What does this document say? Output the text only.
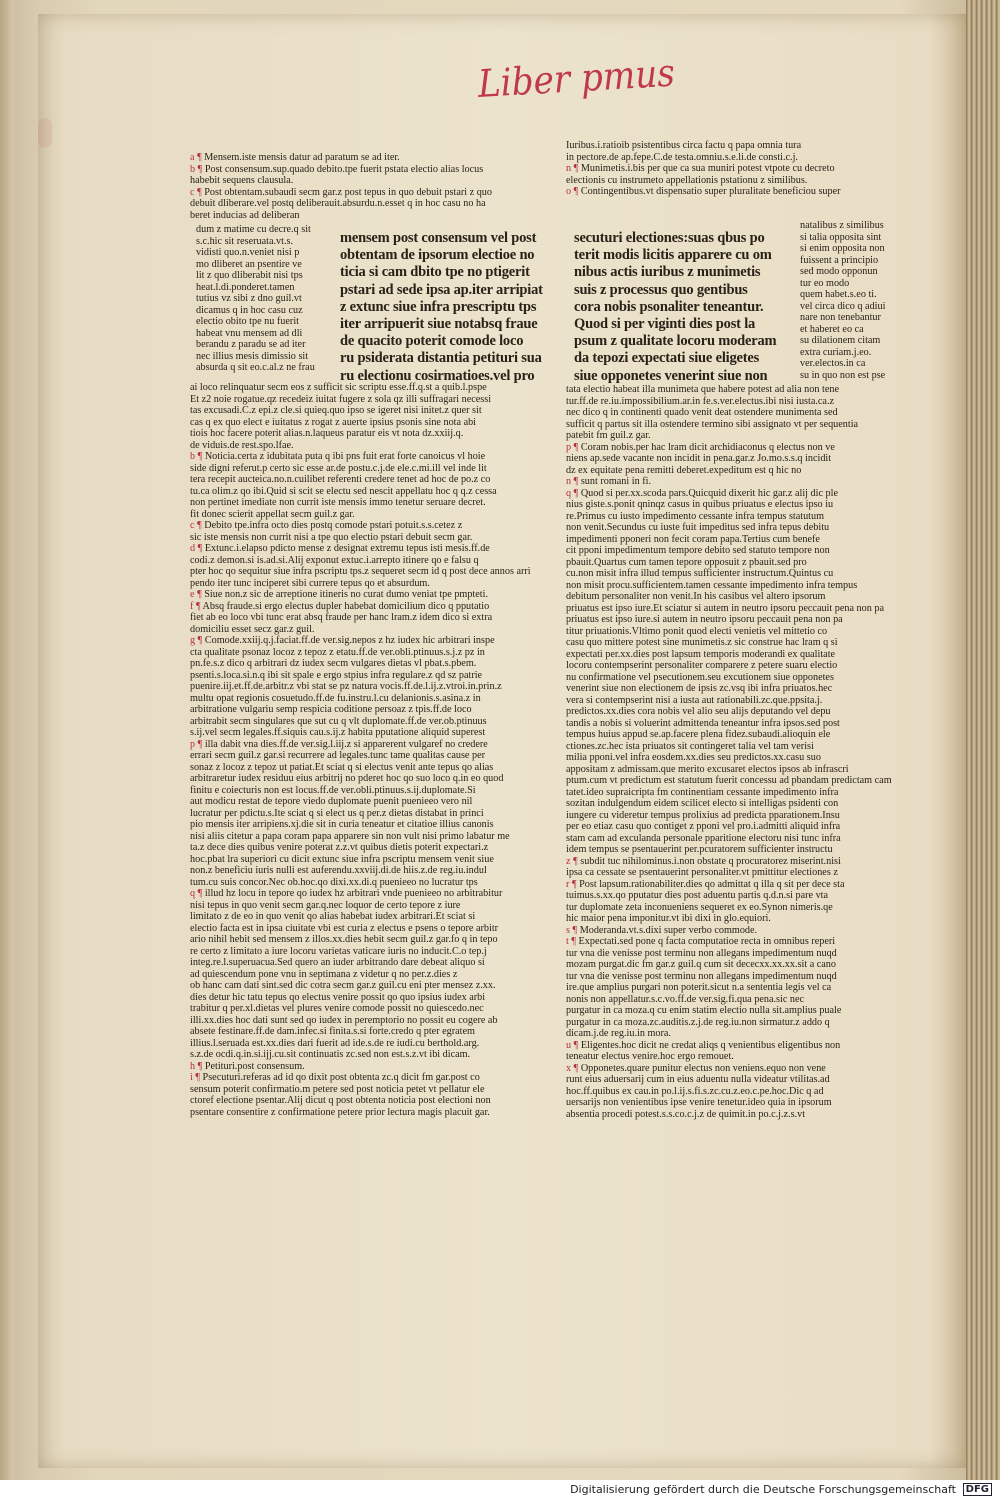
Liber pmus
a ¶ Mensem.iste mensis datur ad paratum se ad iter.
b ¶ Post consensum.sup.quado debito.tpe fuerit pstata electio alias locus
habebit sequens clausula.
c ¶ Post obtentam.subaudi secm gar.z post tepus in quo debuit pstari z quo
debuit dliberare.vel postq deliberauit.absurdu.n.esset q in hoc casu no ha
beret inducias ad deliberan
dum z matime cu decre.q sit
s.c.hic sit reseruata.vt.s.
vidisti quo.n.veniet nisi p
mo dliberet an psentire ve
lit z quo dliberabit nisi tps
heat.l.di.ponderet.tamen
tutius vz sibi z dno guil.vt
dicamus q in hoc casu cuz
electio obito tpe nu fuerit
habeat vnu mensem ad dli
berandu z paradu se ad iter
nec illius mesis dimissio sit
absurda q sit eo.c.al.z ne frau
mensem post consensum vel post
obtentam de ipsorum electioe no
ticia si cam dbito tpe no ptigerit
pstari ad sede ipsa ap.iter arripiat
z extunc siue infra prescriptu tps
iter arripuerit siue notabsq fraue
de quacito poterit comode loco
ru psiderata distantia petituri sua
ru electionu cosirmatioes.vel pro
secuturi electiones:suas qbus po
terit modis licitis apparere cu om
nibus actis iuribus z munimetis
suis z processus quo gentibus
cora nobis psonaliter teneantur.
Quod si per viginti dies post la
psum z qualitate locoru moderam
da tepozi expectati siue eligetes
siue opponetes venerint siue non
ai loco relinquatur secm eos z sufficit sic scriptu esse.ff.q.st a quib.l.pspe
Et z2 noie rogatue.qz recedeiz iuitat fugere z sola qz illi suffragari necessi
tas excusadi.C.z epi.z cle.si quieq.quo ipso se igeret nisi initet.z quer sit
cas q ex quo elect e iuitatus z rogat z auerte ipsius psonis sine nota abi
tiois hoc facere poterit alias.n.laqueus paratur eis vt nota dz.xxiij.q.
de viduis.de rest.spo.lfae.
b ¶ Noticia.certa z idubitata puta q ibi pns fuit erat forte canoicus vl hoie
side digni referut.p certo sic esse ar.de postu.c.j.de ele.c.mi.ill vel inde lit
tera recepit aucteica.no.n.cuilibet referenti credere tenet ad hoc de po.z co
tu.ca olim.z qo ibi.Quid si scit se electu sed nescit appellatu hoc q q.z cessa
non pertinet imediate non currit iste mensis immo tenetur seruare decret.
fit donec scierit appellat secm guil.z gar.
c ¶ Debito tpe.infra octo dies postq comode pstari potuit.s.s.cetez z
sic iste mensis non currit nisi a tpe quo electio pstari debuit secm gar.
d ¶ Extunc.i.elapso pdicto mense z designat extremu tepus isti mesis.ff.de
codi.z demon.si is.ad.si.Alij exponut extuc.i.arrepto itinere qo e falsu q
pter hoc qo sequitur siue infra pscriptu tps.z sequeret secm id q post dece annos arri
pendo iter tunc inciperet sibi currere tepus qo et absurdum.
e ¶ Siue non.z sic de arreptione itineris no curat dumo veniat tpe pmpteti.
f ¶ Absq fraude.si ergo electus dupler habebat domicilium dico q pputatio
fiet ab eo loco vbi tunc erat absq fraude per hanc lram.z idem dico si extra
domiciliu esset secz gar.z guil.
g ¶ Comode.xxiij.q.j.faciat.ff.de ver.sig.nepos z hz iudex hic arbitrari inspe
cta qualitate psonaz locoz z tepoz z etatu.ff.de ver.obli.ptinuus.s.j.z pz in
pn.fe.s.z dico q arbitrari dz iudex secm vulgares dietas vl pbat.s.pbem.
psenti.s.loca.si.n.q ibi sit spale e ergo stpius infra regulare.z qd sz patrie
puenire.iij.et.ff.de.arbitr.z vbi stat se pz natura vocis.ff.de.l.ij.z.vtroi.in.prin.z
multu opat regionis cosuetudo.ff.de fu.instru.l.cu delanionis.s.asina.z in
arbitratione vulgariu semp respicia coditione persoaz z tpis.ff.de loco
arbitrabit secm singulares que sut cu q vlt duplomate.ff.de ver.ob.ptinuus
s.ij.vel secm legales.ff.siquis cau.s.ij.z habita pputatione aliquid superest
p ¶ illa dabit vna dies.ff.de ver.sig.l.iij.z si apparerent vulgaref no credere
errari secm guil.z gar.si recurrere ad legales.tunc tame qualitas cause per
sonaz z locoz z tepoz ut patiat.Et sciat q si electus venit ante tepus qo alias
arbitraretur iudex residuu eius arbitrij no pderet hoc qo suo loco q.in eo quod
finitu e coiecturis non est locus.ff.de ver.obli.ptinuus.s.ij.duplomate.Si
aut modicu restat de tepore viedo duplomate puenit puenieeo vero nil
lucratur per pdictu.s.Ite sciat q si elect us q per.z dietas distabat in princi
pio mensis iter arripiens.xj.die sit in curia teneatur et citatioe illius canonis
nisi aliis citetur a papa coram papa apparere sin non vult nisi primo labatur me
ta.z dece dies quibus venire poterat z.z.vt quibus dietis poterit expectari.z
hoc.pbat lra superiori cu dicit extunc siue infra pscriptu mensem venit siue
non.z beneficiu iuris nulli est auferendu.xxviij.di.de hiis.z.de reg.iu.indul
tum.cu suis concor.Nec ob.hoc.qo dixi.xx.di.q puenieeo no lucratur tps
q ¶ illud hz locu in tepore qo iudex hz arbitrari vnde puenieeo no arbitrabitur
nisi tepus in quo venit secm gar.q.nec loquor de certo tepore z iure
limitato z de eo in quo venit qo alias habebat iudex arbitrari.Et sciat si
electio facta est in ipsa ciuitate vbi est curia z electus e psens o tepore arbitr
ario nihil hebit sed mensem z illos.xx.dies hebit secm guil.z gar.fo q in tepo
re certo z limitato a iure locoru varietas vaticare iuris no inducit.C.o tep.j
integ.re.l.superuacua.Sed quero an iuder arbitrando dare debeat aliquo si
ad quiescendum pone vnu in septimana z videtur q no per.z.dies z
ob hanc cam dati sint.sed dic cotra secm gar.z guil.cu eni pter mensez z.xx.
dies detur hic tatu tepus qo electus venire possit qo quo ipsius iudex arbi
trabitur q per.xl.dietas vel plures venire comode possit no quiescedo.nec
illi.xx.dies hoc dati sunt sed qo iudex in peremptorio no possit eu cogere ab
absete festinare.ff.de dam.infec.si finita.s.si forte.credo q pter egratem
illius.l.seruada est.xx.dies dari fuerit ad ide.s.de re iudi.cu berthold.arg.
s.z.de ocdi.q.in.si.ijj.cu.sit continuatis zc.sed non est.s.z.vt ibi dicam.
h ¶ Petituri.post consensum.
i ¶ Psecuturi.referas ad id qo dixit post obtenta zc.q dicit fm gar.post co
sensum poterit confirmatio.m petere sed post noticia petet vt pellatur ele
ctoref electione psentar.Alij dicut q post obtenta noticia post electioni non
psentare consentire z confirmatione petere prior lectura magis placuit gar.
Iuribus.i.ratioib psistentibus circa factu q papa omnia tura
in pectore.de ap.fepe.C.de testa.omniu.s.e.li.de consti.c.j.
n ¶ Munimetis.i.bis per que ca sua muniri potest vtpote cu decreto
electionis cu instrumeto appellationis pstationu z similibus.
o ¶ Contingentibus.vt dispensatio super pluralitate beneficiou super
natalibus z similibus
si talia opposita sint
si enim opposita non
fuissent a principio
sed modo opponun
tur eo modo
quem habet.s.eo ti.
vel circa dico q adiui
nare non tenebantur
et haberet eo ca
su dilationem citam
extra curiam.j.eo.
ver.electos.in ca
su in quo non est pse
tata electio habeat illa munimeta que habere potest ad alia non tene
tur.ff.de re.iu.impossibilium.ar.in fe.s.ver.electus.ibi nisi iusta.ca.z
nec dico q in continenti quado venit deat ostendere munimenta sed
sufficit q partus sit illa ostendere termino sibi assignato vt per sequentia
patebit fm guil.z gar.
p ¶ Coram nobis.per hac lram dicit archidiaconus q electus non ve
niens ap.sede vacante non incidit in pena.gar.z Jo.mo.s.s.q incidit
dz ex equitate pena remitti deberet.expeditum est q hic no
n ¶ sunt romani in fi.
q ¶ Quod si per.xx.scoda pars.Quicquid dixerit hic gar.z alij dic ple
nius giste.s.ponit qninqz casus in quibus priuatus e electus ipso iu
re.Primus cu iusto impedimento cessante infra tempus statutum
non venit.Secundus cu iuste fuit impeditus sed infra tepus debitu
impedimenti pponeri non fecit coram papa.Tertius cum benefe
cit pponi impedimentum tempore debito sed statuto tempore non
pbauit.Quartus cum tamen tepore opposuit z pbauit.sed pro
cu.non misit infra illud tempus sufficienter instructum.Quintus cu
non misit procu.sufficientem.tamen cessante impedimento infra tempus
debitum personaliter non venit.In his casibus vel altero ipsorum
priuatus est ipso iure.Et sciatur si autem in neutro ipsoru peccauit pena non pa
priuatus est ipso iure.si autem in neutro ipsoru peccauit pena non pa
titur priuationis.Vltimo ponit quod electi venietis vel mittetio co
casu quo mittere potest sine munimetis.z sic construe hac lram q si
expectati per.xx.dies post lapsum temporis moderandi ex qualitate
locoru contempserint personaliter comparere z petere suaru electio
nu confirmatione vel psecutionem.seu excutionem siue opponetes
venerint siue non electionem de ipsis zc.vsq ibi infra priuatos.hec
vera si contempserint nisi a iusta aut rationabili.zc.que.ppsita.j.
predictos.xx.dies cora nobis vel alio seu alijs deputando vel depu
tandis a nobis si voluerint admittenda teneantur infra ipsos.sed post
tempus huius appud se.ap.facere plena fidez.subaudi.alioquin ele
ctiones.zc.hec ista priuatos sit contingeret talia vel tam verisi
milia pponi.vel infra eosdem.xx.dies seu predictos.xx.casu suo
appositam z admissam.que merito excusaret electos ipsos ab infrascri
ptum.cum vt predictum est statutum fuerit concessu ad pbandam predictam cam
tatet.ideo supraicripta fm continentiam cessante impedimento infra
sozitan indulgendum eidem scilicet electo si intelligas psidenti con
iungere cu videretur tempus prolixius ad predicta pparationem.Insu
per eo etiaz casu quo contiget z pponi vel pro.i.admitti aliquid infra
stam cam ad exculanda personale pparitione electoru nisi tunc infra
idem tempus se psentauerint per.pcuratorem sufficienter instructu
z ¶ subdit tuc nihilominus.i.non obstate q procuratorez miserint.nisi
ipsa ca cessate se psentauerint personaliter.vt pmittitur electiones z
r ¶ Post lapsum.rationabiliter.dies qo admittat q illa q sit per dece sta
tuimus.s.xx.qo pputatur dies post aduentu partis q.d.n.si pare vta
tur duplomate zeta inconueniens sequeret ex eo.Synon nimeris.qe
hic maior pena imponitur.vt ibi dixi in glo.equiori.
s ¶ Moderanda.vt.s.dixi super verbo commode.
t ¶ Expectati.sed pone q facta computatioe recta in omnibus reperi
tur vna die venisse post terminu non allegans impedimentum nuqd
mozam purgat.dic fm gar.z guil.q cum sit dececxx.xx.xx.sit a cano
tur vna die venisse post terminu non allegans impedimentum nuqd
ire.que amplius purgari non poterit.sicut n.a sententia legis vel ca
nonis non appellatur.s.c.vo.ff.de ver.sig.fi.qua pena.sic nec
purgatur in ca moza.q cu enim statim electio nulla sit.amplius puale
purgatur in ca moza.zc.auditis.z.j.de reg.iu.non sirmatur.z addo q
dicam.j.de reg.iu.in mora.
u ¶ Eligentes.hoc dicit ne credat aliqs q venientibus eligentibus non
teneatur electus venire.hoc ergo remouet.
x ¶ Opponetes.quare punitur electus non veniens.equo non vene
runt eius aduersarij cum in eius aduentu nulla videatur vtilitas.ad
hoc.ff.quibus ex cau.in po.l.ij.s.fi.s.zc.cu.z.eo.c.pe.hoc.Dic q ad
uersarijs non venientibus ipse venire tenetur.ideo quia in ipsorum
absentia procedi potest.s.s.co.c.j.z de quimit.in po.c.j.z.s.vt
Digitalisierung gefördert durch die Deutsche Forschungsgemeinschaft DFG
